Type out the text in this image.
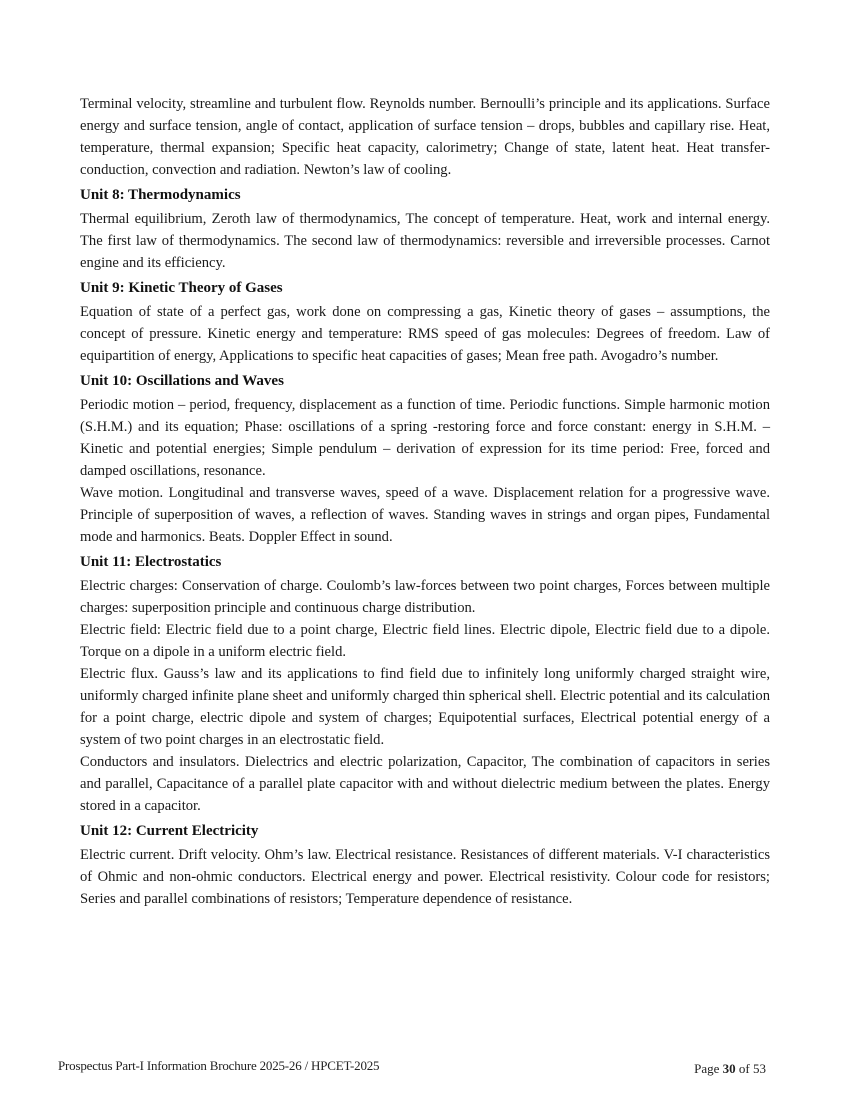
Terminal velocity, streamline and turbulent flow. Reynolds number. Bernoulli’s principle and its applications. Surface energy and surface tension, angle of contact, application of surface tension – drops, bubbles and capillary rise. Heat, temperature, thermal expansion; Specific heat capacity, calorimetry; Change of state, latent heat. Heat transfer-conduction, convection and radiation. Newton’s law of cooling.

Unit 8: Thermodynamics

Thermal equilibrium, Zeroth law of thermodynamics, The concept of temperature. Heat, work and internal energy. The first law of thermodynamics. The second law of thermodynamics: reversible and irreversible processes. Carnot engine and its efficiency.

Unit 9: Kinetic Theory of Gases

Equation of state of a perfect gas, work done on compressing a gas, Kinetic theory of gases – assumptions, the concept of pressure. Kinetic energy and temperature: RMS speed of gas molecules: Degrees of freedom. Law of equipartition of energy, Applications to specific heat capacities of gases; Mean free path. Avogadro’s number.

Unit 10: Oscillations and Waves

Periodic motion – period, frequency, displacement as a function of time. Periodic functions. Simple harmonic motion (S.H.M.) and its equation; Phase: oscillations of a spring -restoring force and force constant: energy in S.H.M. – Kinetic and potential energies; Simple pendulum – derivation of expression for its time period: Free, forced and damped oscillations, resonance.

Wave motion. Longitudinal and transverse waves, speed of a wave. Displacement relation for a progressive wave. Principle of superposition of waves, a reflection of waves. Standing waves in strings and organ pipes, Fundamental mode and harmonics. Beats. Doppler Effect in sound.

Unit 11: Electrostatics

Electric charges: Conservation of charge. Coulomb’s law-forces between two point charges, Forces between multiple charges: superposition principle and continuous charge distribution.

Electric field: Electric field due to a point charge, Electric field lines. Electric dipole, Electric field due to a dipole. Torque on a dipole in a uniform electric field.

Electric flux. Gauss’s law and its applications to find field due to infinitely long uniformly charged straight wire, uniformly charged infinite plane sheet and uniformly charged thin spherical shell. Electric potential and its calculation for a point charge, electric dipole and system of charges; Equipotential surfaces, Electrical potential energy of a system of two point charges in an electrostatic field.

Conductors and insulators. Dielectrics and electric polarization, Capacitor, The combination of capacitors in series and parallel, Capacitance of a parallel plate capacitor with and without dielectric medium between the plates. Energy stored in a capacitor.

Unit 12: Current Electricity

Electric current. Drift velocity. Ohm’s law. Electrical resistance. Resistances of different materials. V-I characteristics of Ohmic and non-ohmic conductors. Electrical energy and power. Electrical resistivity. Colour code for resistors; Series and parallel combinations of resistors; Temperature dependence of resistance.

Prospectus Part-I Information Brochure 2025-26 / HPCET-2025	Page 30 of 53
